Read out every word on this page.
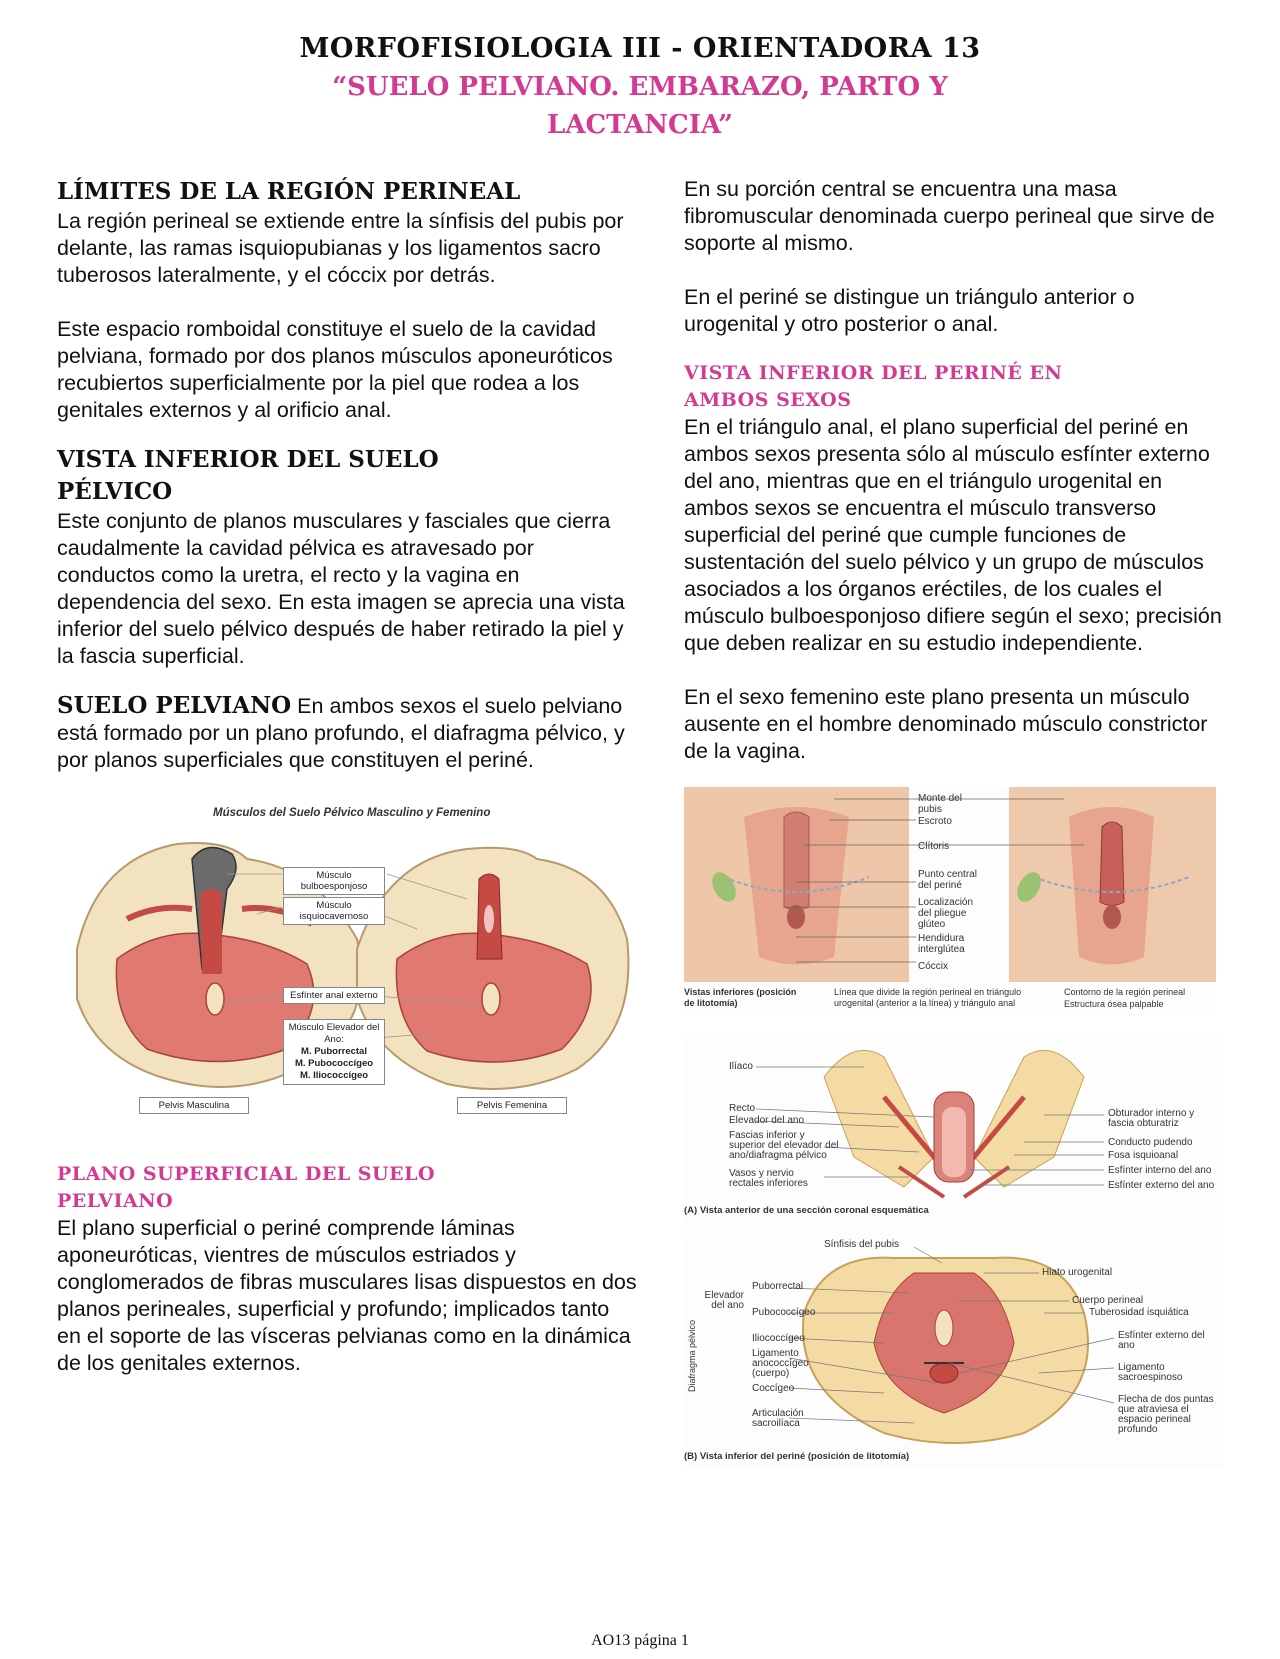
MORFOFISIOLOGIA III - ORIENTADORA 13
“SUELO PELVIANO. EMBARAZO, PARTO Y LACTANCIA”
LÍMITES DE LA REGIÓN PERINEAL

La región perineal se extiende entre la sínfisis del pubis por delante, las ramas isquiopubianas y los ligamentos sacro tuberosos lateralmente, y el cóccix por detrás.

Este espacio romboidal constituye el suelo de la cavidad pelviana, formado por dos planos músculos aponeuróticos recubiertos superficialmente por la piel que rodea a los genitales externos y al orificio anal.

VISTA INFERIOR DEL SUELO PÉLVICO

Este conjunto de planos musculares y fasciales que cierra caudalmente la cavidad pélvica es atravesado por conductos como la uretra, el recto y la vagina en dependencia del sexo. En esta imagen se aprecia una vista inferior del suelo pélvico después de haber retirado la piel y la fascia superficial.

SUELO PELVIANO En ambos sexos el suelo pelviano está formado por un plano profundo, el diafragma pélvico, y por planos superficiales que constituyen el periné.

Músculos del Suelo Pélvico Masculino y Femenino
Músculo bulboesponjoso
Músculo isquiocavernoso
Esfínter anal externo
Músculo Elevador del Ano:
M. Puborrectal
M. Pubococcígeo
M. Iliococcígeo
Pelvis Masculina	Pelvis Femenina
PLANO SUPERFICIAL DEL SUELO PELVIANO

El plano superficial o periné comprende láminas aponeuróticas, vientres de músculos estriados y conglomerados de fibras musculares lisas dispuestos en dos planos perineales, superficial y profundo; implicados tanto en el soporte de las vísceras pelvianas como en la dinámica de los genitales externos.

En su porción central se encuentra una masa fibromuscular denominada cuerpo perineal que sirve de soporte al mismo.

En el periné se distingue un triángulo anterior o urogenital y otro posterior o anal.

VISTA INFERIOR DEL PERINÉ EN AMBOS SEXOS

En el triángulo anal, el plano superficial del periné en ambos sexos presenta sólo al músculo esfínter externo del ano, mientras que en el triángulo urogenital en ambos sexos se encuentra el músculo transverso superficial del periné que cumple funciones de sustentación del suelo pélvico y un grupo de músculos asociados a los órganos eréctiles, de los cuales el músculo bulboesponjoso difiere según el sexo; precisión que deben realizar en su estudio independiente.

En el sexo femenino este plano presenta un músculo ausente en el hombre denominado músculo constrictor de la vagina.

Monte del pubis
Escroto
Clítoris
Punto central del periné
Localización del pliegue glúteo
Hendidura interglútea
Cóccix
Vistas inferiores (posición de litotomía)
Línea que divide la región perineal en triángulo urogenital (anterior a la línea) y triángulo anal
Contorno de la región perineal
Estructura ósea palpable
Ilíaco
Recto
Elevador del ano
Fascias inferior y superior del elevador del ano/diafragma pélvico
Vasos y nervio rectales inferiores
Obturador interno y fascia obturatriz
Conducto pudendo
Fosa isquioanal
Esfínter interno del ano
Esfínter externo del ano
(A) Vista anterior de una sección coronal esquemática
Sínfisis del pubis
Hiato urogenital
Cuerpo perineal
Tuberosidad isquiática
Esfínter externo del ano
Ligamento sacroespinoso
Flecha de dos puntas que atraviesa el espacio perineal profundo
Elevador del ano
Puborrectal
Pubococcígeo
Iliococcígeo
Ligamento anococcígeo (cuerpo)
Coccígeo
Articulación sacroilíaca
Diafragma pélvico
(B) Vista inferior del periné (posición de litotomía)
AO13 página 1
